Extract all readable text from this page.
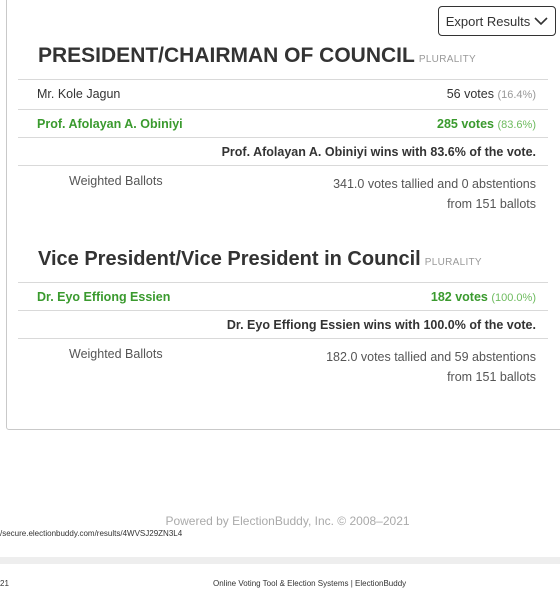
Export Results
PRESIDENT/CHAIRMAN OF COUNCIL PLURALITY
Mr. Kole Jagun	56 votes (16.4%)
Prof. Afolayan A. Obiniyi	285 votes (83.6%)
Prof. Afolayan A. Obiniyi wins with 83.6% of the vote.
Weighted Ballots	341.0 votes tallied and 0 abstentions
from 151 ballots
Vice President/Vice President in Council PLURALITY
Dr. Eyo Effiong Essien	182 votes (100.0%)
Dr. Eyo Effiong Essien wins with 100.0% of the vote.
Weighted Ballots	182.0 votes tallied and 59 abstentions
from 151 ballots
Powered by ElectionBuddy, Inc. © 2008–2021
/secure.electionbuddy.com/results/4WVSJ29ZN3L4
21	Online Voting Tool & Election Systems | ElectionBuddy
